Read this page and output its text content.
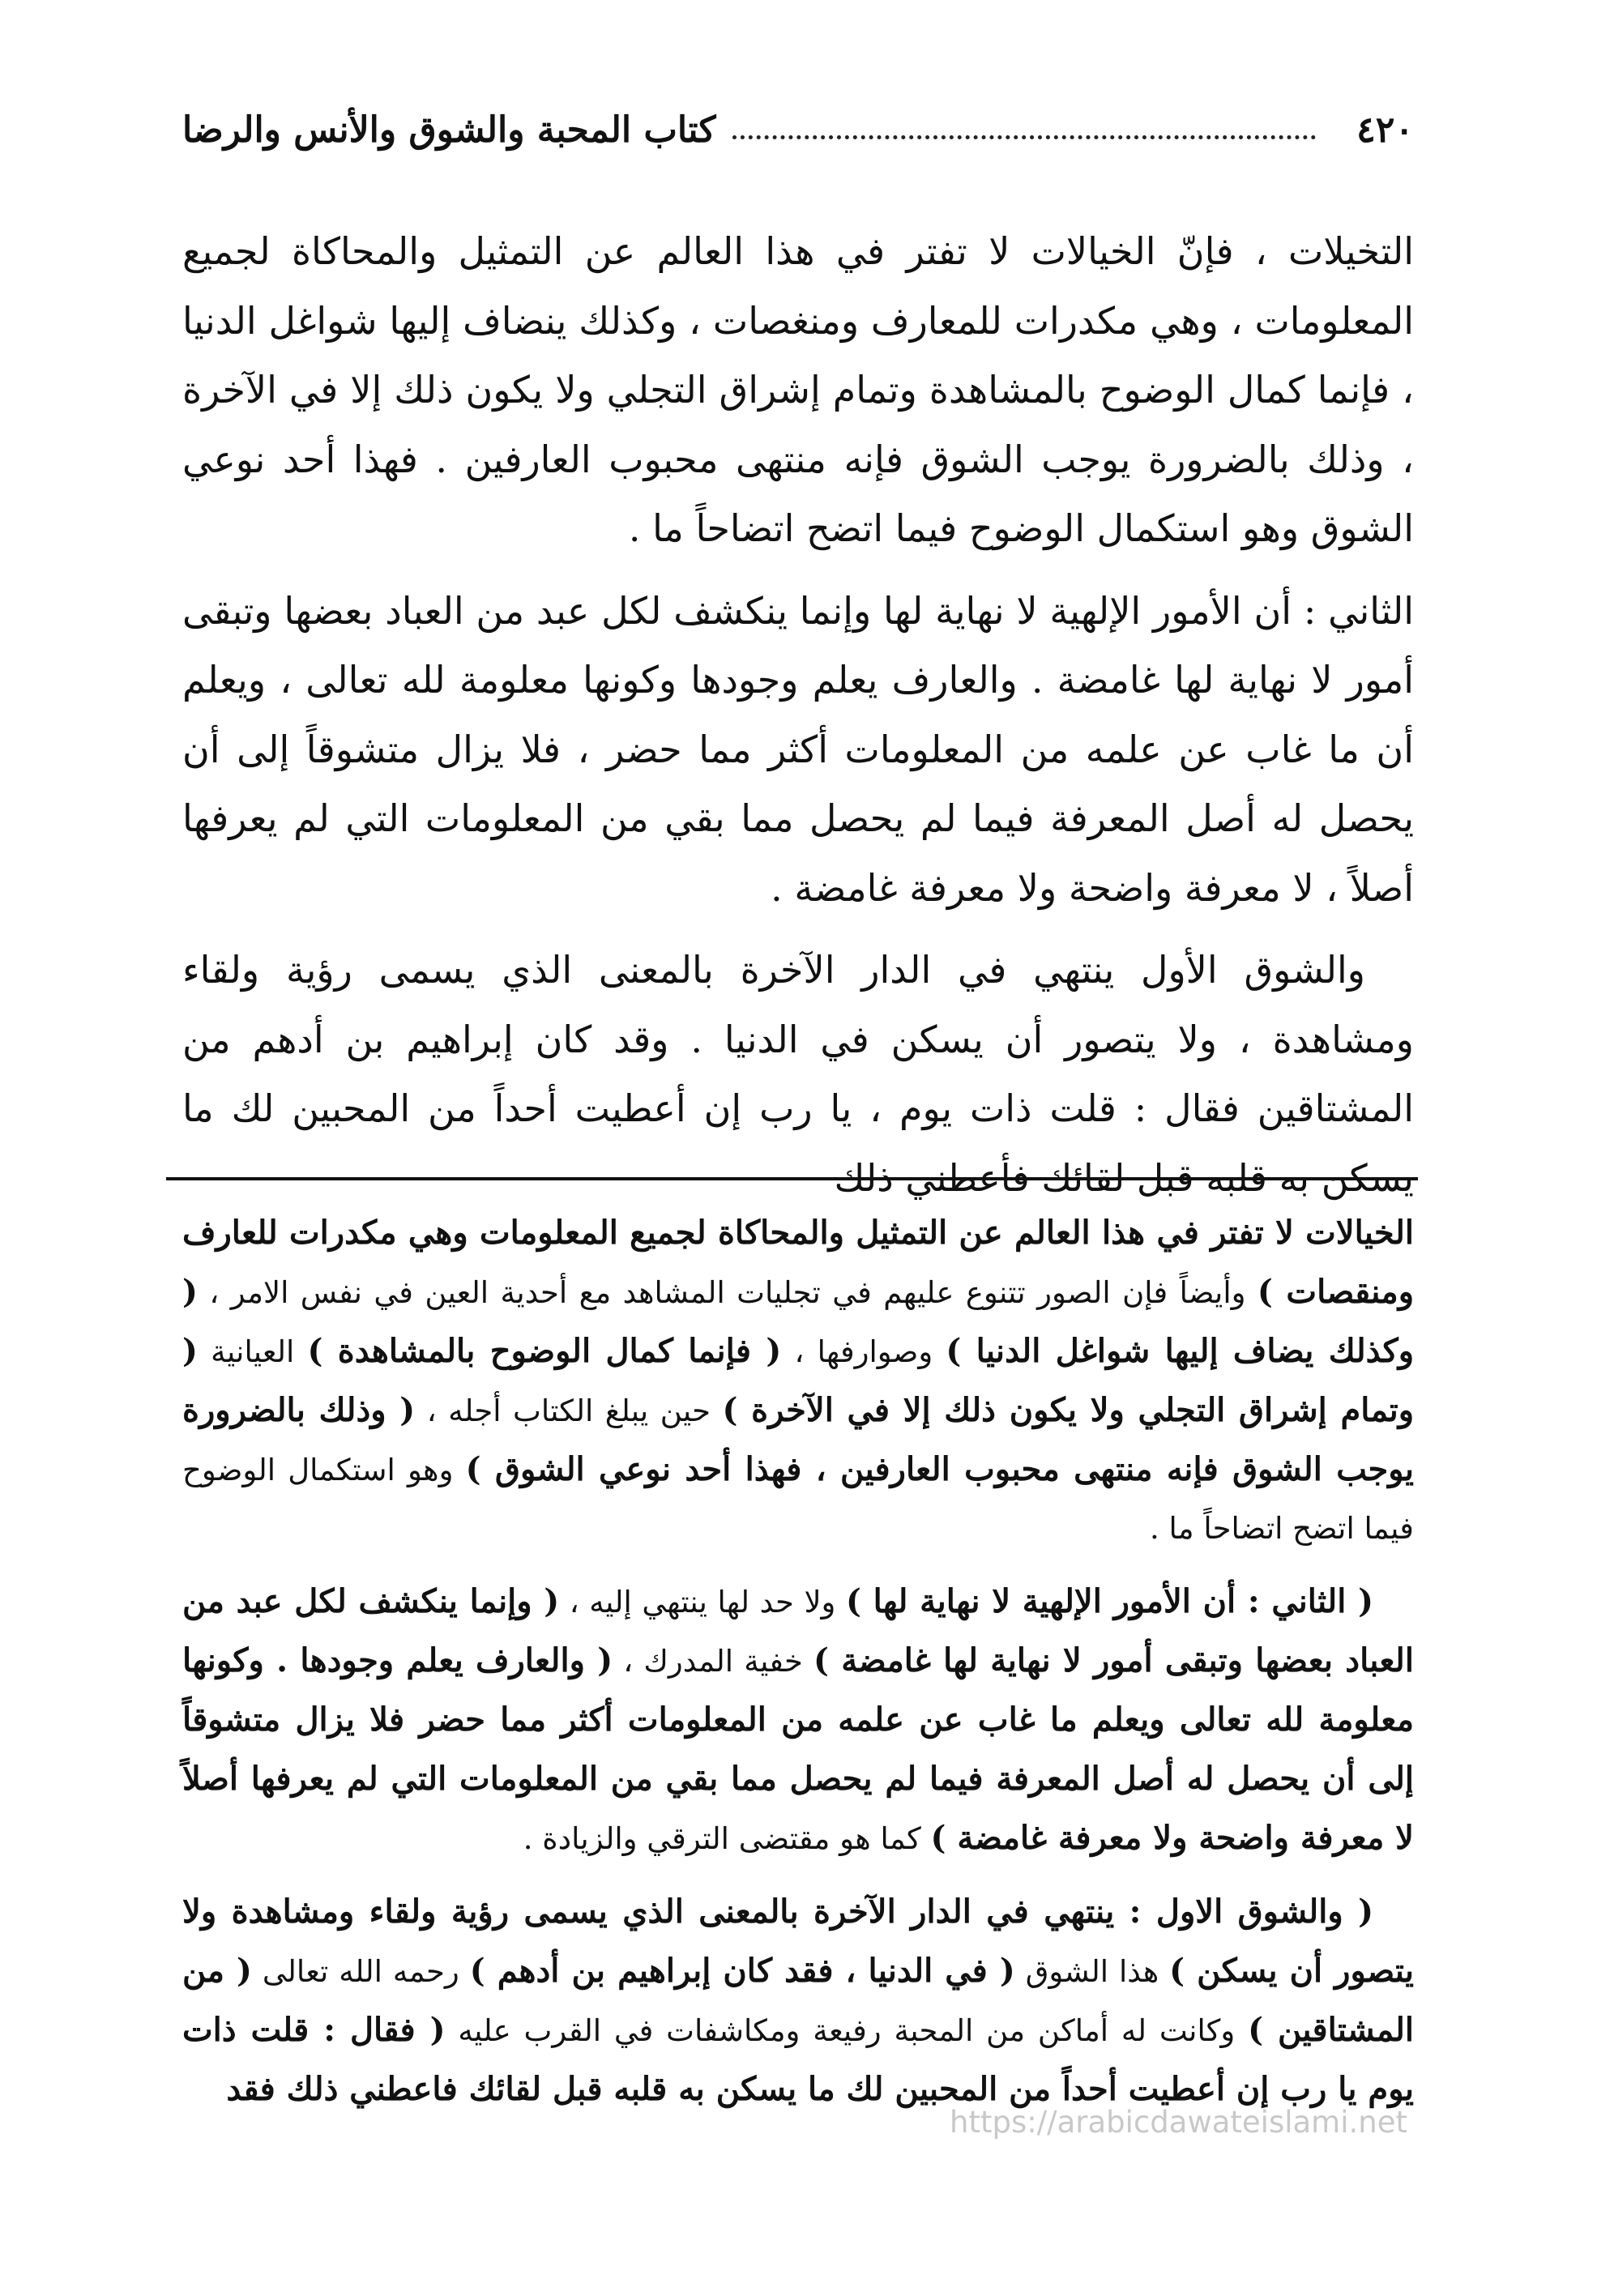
٤٢٠
كتاب المحبة والشوق والأنس والرضا

التخيلات ، فإنّ الخيالات لا تفتر في هذا العالم عن التمثيل والمحاكاة لجميع المعلومات ، وهي مكدرات للمعارف ومنغصات ، وكذلك ينضاف إليها شواغل الدنيا ، فإنما كمال الوضوح بالمشاهدة وتمام إشراق التجلي ولا يكون ذلك إلا في الآخرة ، وذلك بالضرورة يوجب الشوق فإنه منتهى محبوب العارفين . فهذا أحد نوعي الشوق وهو استكمال الوضوح فيما اتضح اتضاحاً ما .

الثاني : أن الأمور الإلهية لا نهاية لها وإنما ينكشف لكل عبد من العباد بعضها وتبقى أمور لا نهاية لها غامضة . والعارف يعلم وجودها وكونها معلومة لله تعالى ، ويعلم أن ما غاب عن علمه من المعلومات أكثر مما حضر ، فلا يزال متشوقاً إلى أن يحصل له أصل المعرفة فيما لم يحصل مما بقي من المعلومات التي لم يعرفها أصلاً ، لا معرفة واضحة ولا معرفة غامضة .

والشوق الأول ينتهي في الدار الآخرة بالمعنى الذي يسمى رؤية ولقاء ومشاهدة ، ولا يتصور أن يسكن في الدنيا . وقد كان إبراهيم بن أدهم من المشتاقين فقال : قلت ذات يوم ، يا رب إن أعطيت أحداً من المحبين لك ما يسكن به قلبه قبل لقائك فأعطني ذلك

الخيالات لا تفتر في هذا العالم عن التمثيل والمحاكاة لجميع المعلومات وهي مكدرات للعارف ومنقصات ) وأيضاً فإن الصور تتنوع عليهم في تجليات المشاهد مع أحدية العين في نفس الامر ، ( وكذلك يضاف إليها شواغل الدنيا ) وصوارفها ، ( فإنما كمال الوضوح بالمشاهدة ) العيانية ( وتمام إشراق التجلي ولا يكون ذلك إلا في الآخرة ) حين يبلغ الكتاب أجله ، ( وذلك بالضرورة يوجب الشوق فإنه منتهى محبوب العارفين ، فهذا أحد نوعي الشوق ) وهو استكمال الوضوح فيما اتضح اتضاحاً ما .

( الثاني : أن الأمور الإلهية لا نهاية لها ) ولا حد لها ينتهي إليه ، ( وإنما ينكشف لكل عبد من العباد بعضها وتبقى أمور لا نهاية لها غامضة ) خفية المدرك ، ( والعارف يعلم وجودها . وكونها معلومة لله تعالى ويعلم ما غاب عن علمه من المعلومات أكثر مما حضر فلا يزال متشوقاً إلى أن يحصل له أصل المعرفة فيما لم يحصل مما بقي من المعلومات التي لم يعرفها أصلاً لا معرفة واضحة ولا معرفة غامضة ) كما هو مقتضى الترقي والزيادة .

( والشوق الاول : ينتهي في الدار الآخرة بالمعنى الذي يسمى رؤية ولقاء ومشاهدة ولا يتصور أن يسكن ) هذا الشوق ( في الدنيا ، فقد كان إبراهيم بن أدهم ) رحمه الله تعالى ( من المشتاقين ) وكانت له أماكن من المحبة رفيعة ومكاشفات في القرب عليه ( فقال : قلت ذات يوم يا رب إن أعطيت أحداً من المحبين لك ما يسكن به قلبه قبل لقائك فاعطني ذلك فقد

https://arabicdawateislami.net
